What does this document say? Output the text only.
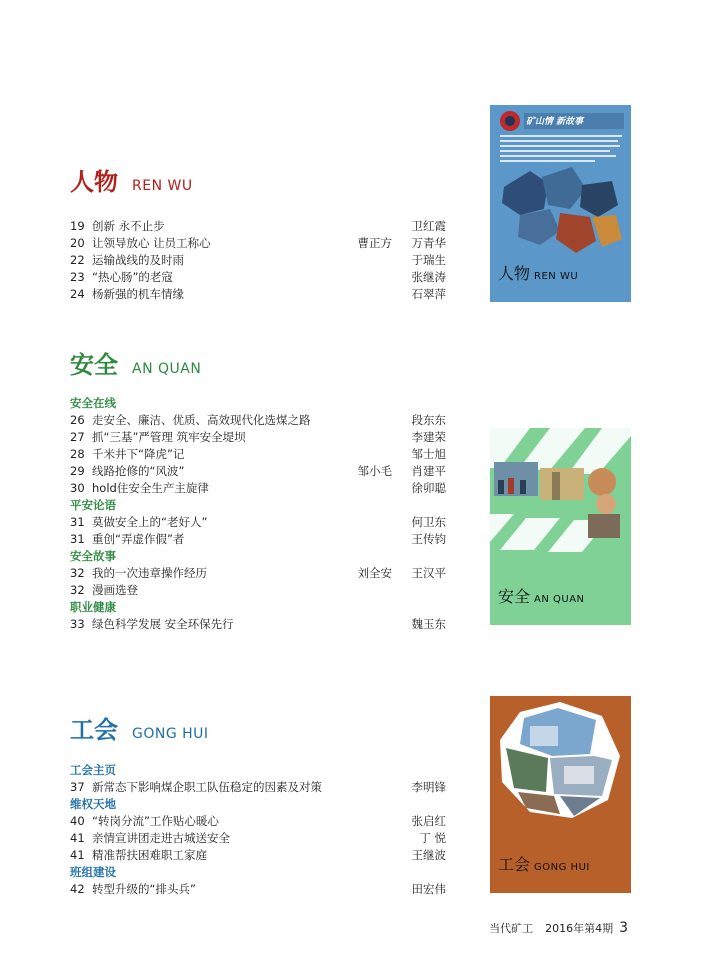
人物 REN WU
19 创新 永不止步	卫红霞
20 让领导放心 让员工称心	曹正方 万青华
22 运输战线的及时雨	于瑞生
23“热心肠”的老寇	张继涛
24 杨新强的机车情缘	石翠萍
人物 REN WU
矿山情 新故事
安全 AN QUAN
安全在线
26 走安全、廉洁、优质、高效现代化选煤之路	段东东
27 抓“三基”严管理 筑牢安全堤坝	李建荣
28 千米井下“降虎”记	邹士旭
29 线路抢修的“风波”	邹小毛 肖建平
30 hold住安全生产主旋律	徐卯聪
平安论语
31 莫做安全上的“老好人”	何卫东
31 重创“弄虚作假”者	王传钧
安全故事
32 我的一次违章操作经历	刘全安 王汉平
32 漫画选登
职业健康
33 绿色科学发展 安全环保先行	魏玉东
安全 AN QUAN
工会 GONG HUI
工会主页
37 新常态下影响煤企职工队伍稳定的因素及对策	李明锋
维权天地
40“转岗分流”工作贴心暖心	张启红
41 亲情宣讲团走进古城送安全	丁 悦
41 精准帮扶困难职工家庭	王继波
班组建设
42 转型升级的“排头兵”	田宏伟
工会 GONG HUI
当代矿工 2016年第4期 3
